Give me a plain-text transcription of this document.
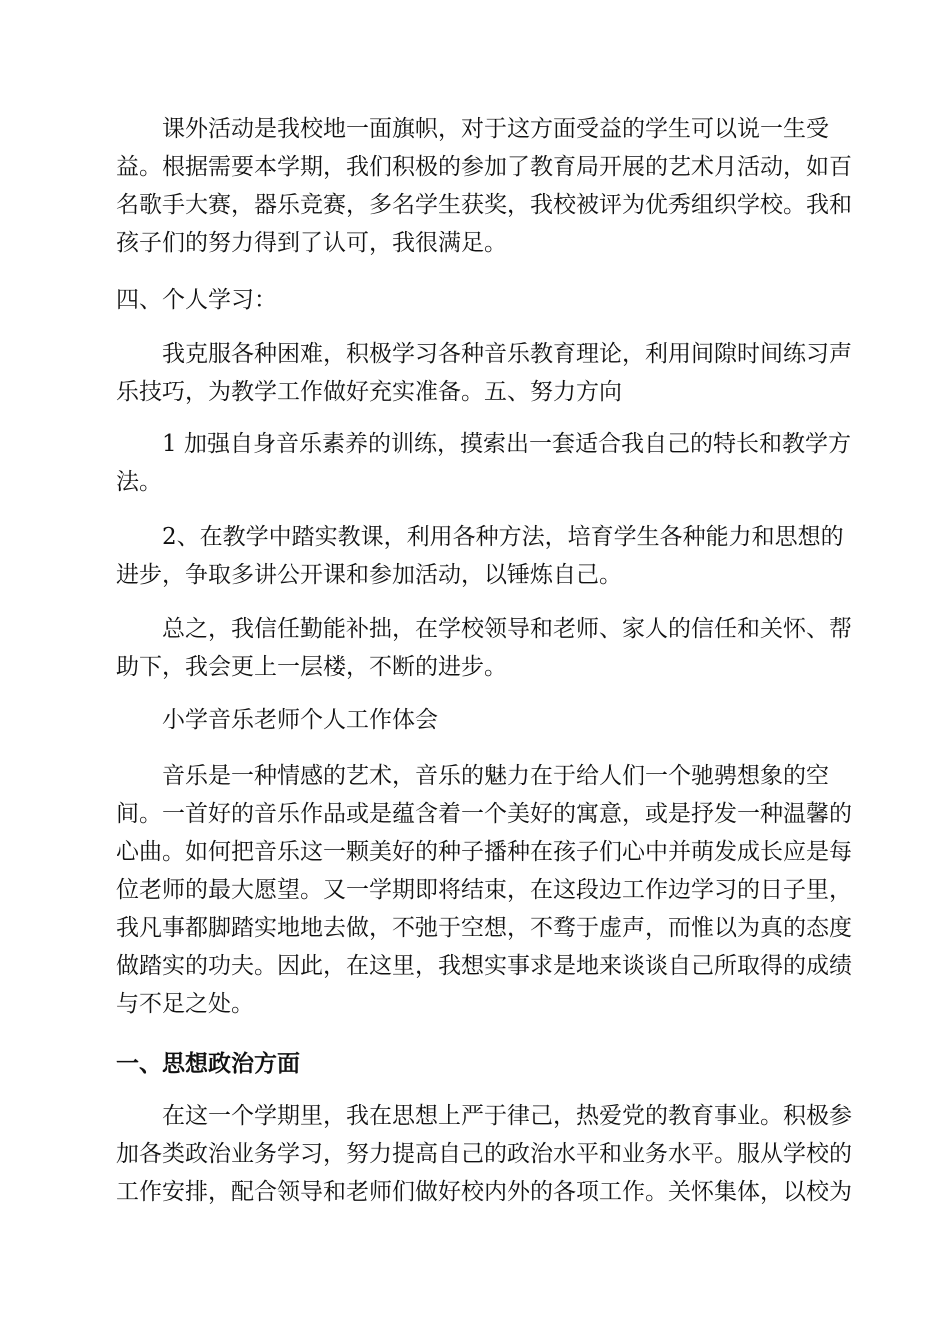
课外活动是我校地一面旗帜，对于这方面受益的学生可以说一生受
益。根据需要本学期，我们积极的参加了教育局开展的艺术月活动，如百
名歌手大赛，器乐竞赛，多名学生获奖，我校被评为优秀组织学校。我和
孩子们的努力得到了认可，我很满足。
四、个人学习：
我克服各种困难，积极学习各种音乐教育理论，利用间隙时间练习声
乐技巧，为教学工作做好充实准备。五、努力方向
1 加强自身音乐素养的训练，摸索出一套适合我自己的特长和教学方
法。
2、在教学中踏实教课，利用各种方法，培育学生各种能力和思想的
进步，争取多讲公开课和参加活动，以锤炼自己。
总之，我信任勤能补拙，在学校领导和老师、家人的信任和关怀、帮
助下，我会更上一层楼，不断的进步。
小学音乐老师个人工作体会
音乐是一种情感的艺术，音乐的魅力在于给人们一个驰骋想象的空
间。一首好的音乐作品或是蕴含着一个美好的寓意，或是抒发一种温馨的
心曲。如何把音乐这一颗美好的种子播种在孩子们心中并萌发成长应是每
位老师的最大愿望。又一学期即将结束，在这段边工作边学习的日子里，
我凡事都脚踏实地地去做，不弛于空想，不骛于虚声，而惟以为真的态度
做踏实的功夫。因此，在这里，我想实事求是地来谈谈自己所取得的成绩
与不足之处。
一、思想政治方面
在这一个学期里，我在思想上严于律己，热爱党的教育事业。积极参
加各类政治业务学习，努力提高自己的政治水平和业务水平。服从学校的
工作安排，配合领导和老师们做好校内外的各项工作。关怀集体，以校为
